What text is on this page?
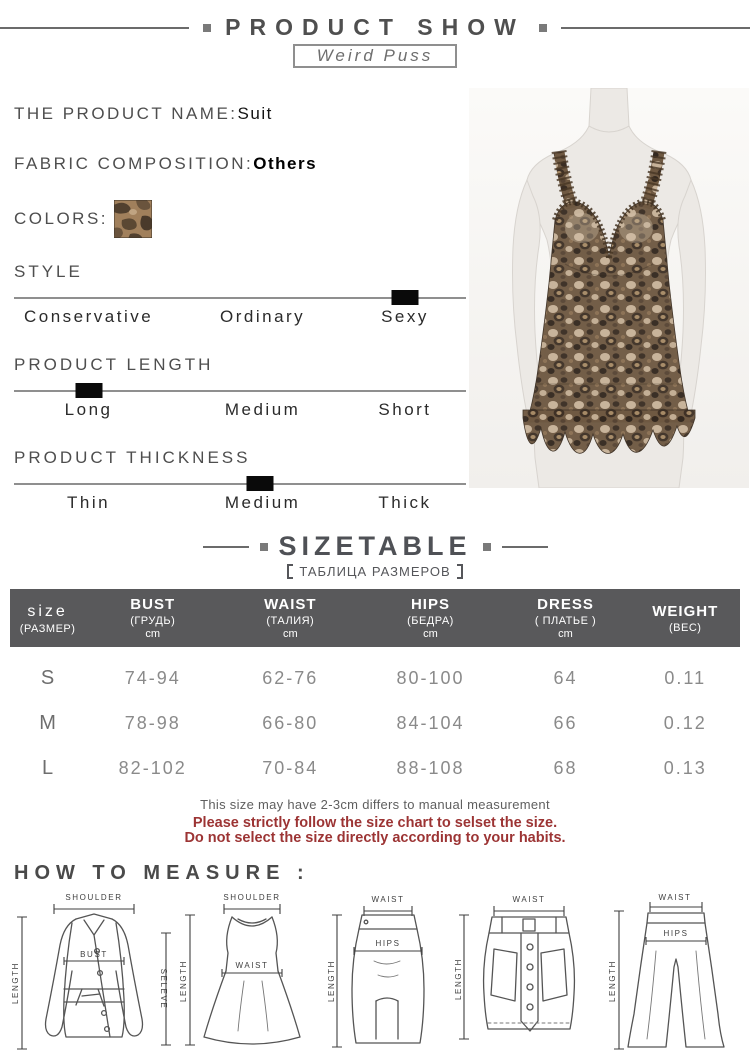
PRODUCT SHOW
Weird Puss
THE PRODUCT NAME:Suit
FABRIC COMPOSITION:Others
COLORS:
STYLE
Conservative	Ordinary	Sexy
PRODUCT LENGTH
Long	Medium	Short
PRODUCT THICKNESS
Thin	Medium	Thick
SIZETABLE
ТАБЛИЦА РАЗМЕРОВ
size
(РАЗМЕР)

BUST
(ГРУДЬ)
cm

WAIST
(ТАЛИЯ)
cm

HIPS
(БЕДРА)
cm

DRESS
( ПЛАТЬЕ )
cm

WEIGHT
(ВЕС)

S	74-94	62-76	80-100	64	0.11
M	78-98	66-80	84-104	66	0.12
L	82-102	70-84	88-108	68	0.13
This size may have 2-3cm differs to manual measurement
Please strictly follow the size chart to selset the size.
Do not select the size directly according to your habits.
HOW TO MEASURE :
SHOULDER
LENGTH	SELEVE
BUST
SHOULDER
LENGTH	WAIST
WAIST
LENGTH
HIPS
WAIST
LENGTH
WAIST
LENGTH
HIPS
